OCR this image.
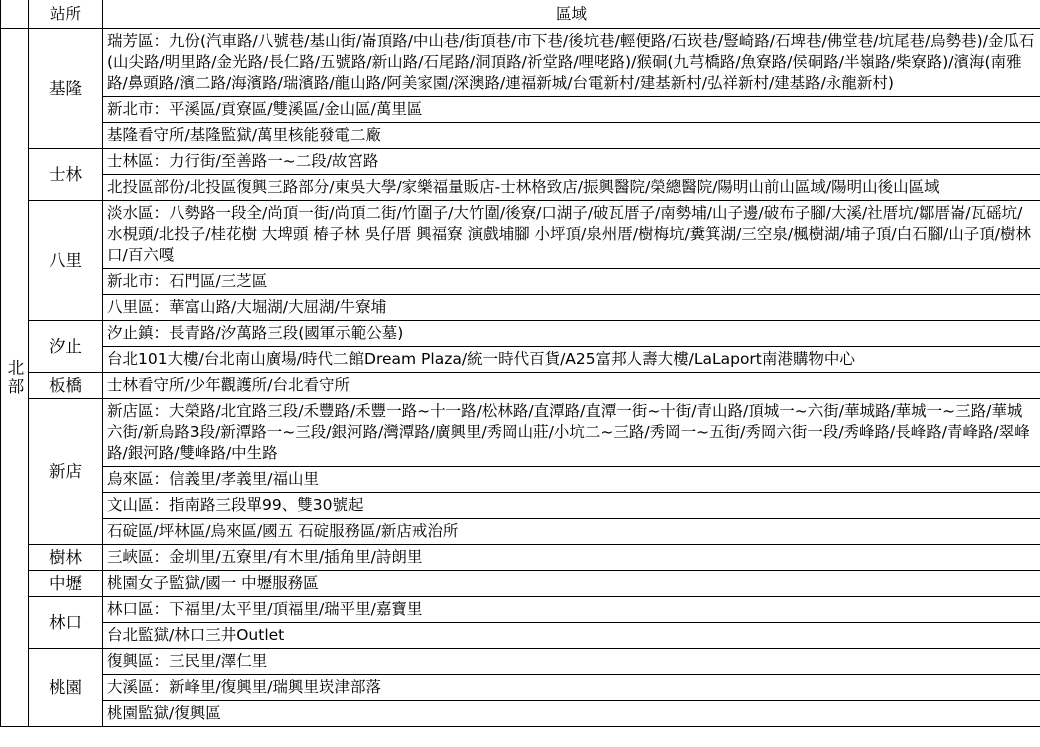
	站所	區域
北部	基隆	瑞芳區：九份(汽車路/八號巷/基山街/崙頂路/中山巷/街頂巷/市下巷/後坑巷/輕便路/石崁巷/豎崎路/石埤巷/佛堂巷/坑尾巷/烏勢巷)/金瓜石(山尖路/明里路/金光路/長仁路/五號路/新山路/石尾路/洞頂路/祈堂路/哩咾路)/猴硐(九芎橋路/魚寮路/侯硐路/半嶺路/柴寮路)/濱海(南雅路/鼻頭路/濱二路/海濱路/瑞濱路/龍山路/阿美家園/深澳路/連福新城/台電新村/建基新村/弘祥新村/建基路/永龍新村)
		新北市：平溪區/貢寮區/雙溪區/金山區/萬里區
		基隆看守所/基隆監獄/萬里核能發電二廠
	士林	士林區：力行街/至善路一~二段/故宮路
		北投區部份/北投區復興三路部分/東吳大學/家樂福量販店-士林格致店/振興醫院/榮總醫院/陽明山前山區域/陽明山後山區域
	八里	淡水區：八勢路一段全/尚頂一街/尚頂二街/竹圍子/大竹圍/後寮/口湖子/破瓦厝子/南勢埔/山子邊/破布子腳/大溪/社厝坑/鄒厝崙/瓦磘坑/水梘頭/北投子/桂花樹 大埤頭 椿子林 吳仔厝 興福寮 演戲埔腳 小坪頂/泉州厝/樹梅坑/糞箕湖/三空泉/楓樹湖/埔子頂/白石腳/山子頂/樹林口/百六嘎
		新北市：石門區/三芝區
		八里區：華富山路/大堀湖/大屈湖/牛寮埔
	汐止	汐止鎮：長青路/汐萬路三段(國軍示範公墓)
		台北101大樓/台北南山廣場/時代二館Dream Plaza/統一時代百貨/A25富邦人壽大樓/LaLaport南港購物中心
	板橋	士林看守所/少年觀護所/台北看守所
	新店	新店區：大榮路/北宜路三段/禾豐路/禾豐一路~十一路/松林路/直潭路/直潭一街~十街/青山路/頂城一~六街/華城路/華城一~三路/華城六街/新烏路3段/新潭路一~三段/銀河路/灣潭路/廣興里/秀岡山莊/小坑二~三路/秀岡一~五街/秀岡六街一段/秀峰路/長峰路/青峰路/翠峰路/銀河路/雙峰路/中生路
		烏來區：信義里/孝義里/福山里
		文山區：指南路三段單99、雙30號起
		石碇區/坪林區/烏來區/國五 石碇服務區/新店戒治所
	樹林	三峽區：金圳里/五寮里/有木里/插角里/詩朗里
	中壢	桃園女子監獄/國一 中壢服務區
	林口	林口區：下福里/太平里/頂福里/瑞平里/嘉寶里
		台北監獄/林口三井Outlet
	桃園	復興區：三民里/澤仁里
		大溪區：新峰里/復興里/瑞興里崁津部落
		桃園監獄/復興區
